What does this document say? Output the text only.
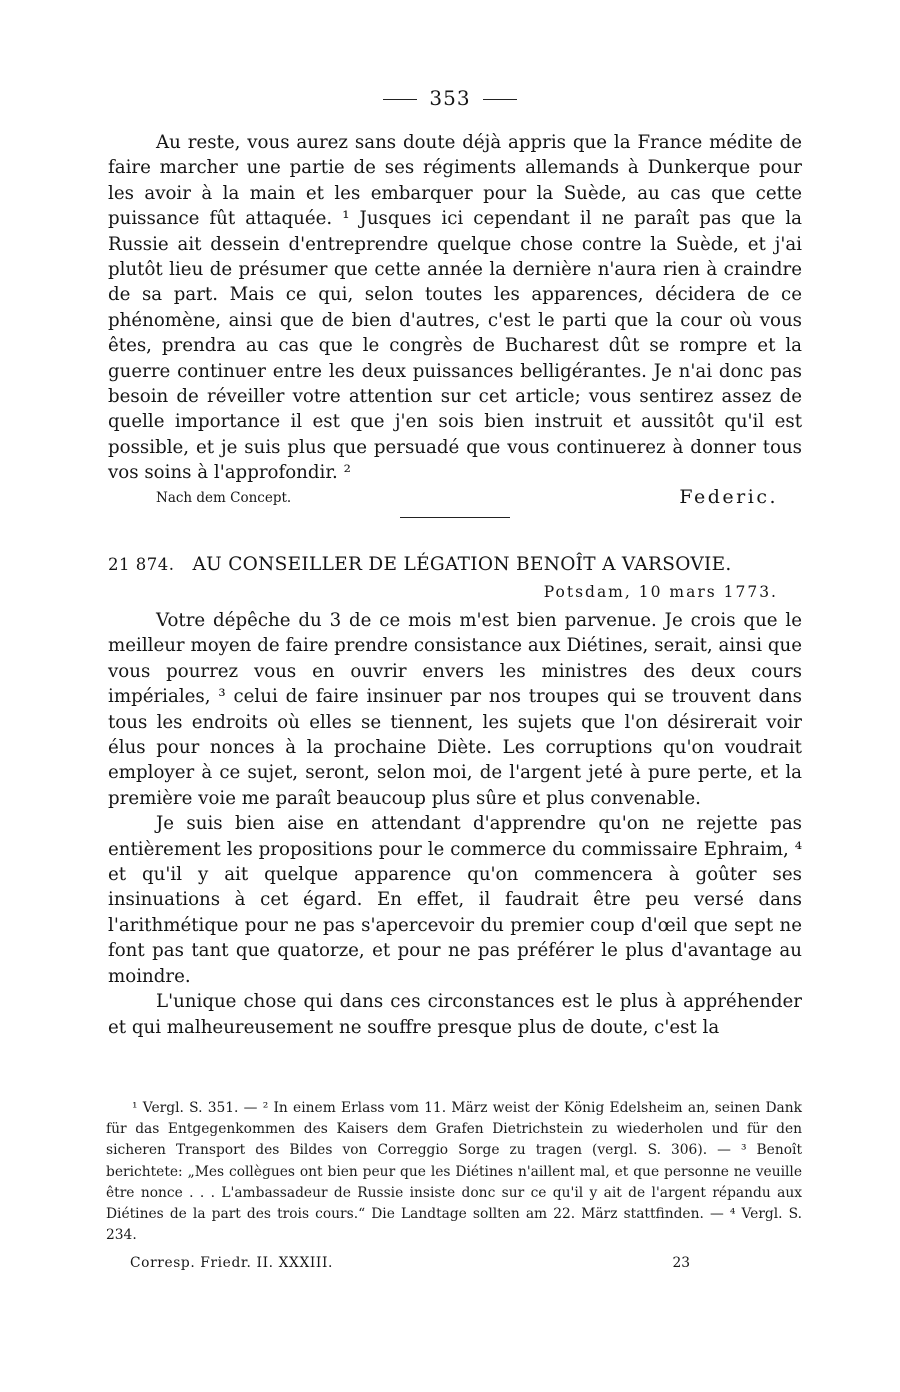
353

Au reste, vous aurez sans doute déjà appris que la France médite de faire marcher une partie de ses régiments allemands à Dunkerque pour les avoir à la main et les embarquer pour la Suède, au cas que cette puissance fût attaquée. ¹ Jusques ici cependant il ne paraît pas que la Russie ait dessein d'entreprendre quelque chose contre la Suède, et j'ai plutôt lieu de présumer que cette année la dernière n'aura rien à craindre de sa part. Mais ce qui, selon toutes les apparences, décidera de ce phénomène, ainsi que de bien d'autres, c'est le parti que la cour où vous êtes, prendra au cas que le congrès de Bucharest dût se rompre et la guerre continuer entre les deux puissances belligérantes. Je n'ai donc pas besoin de réveiller votre attention sur cet article; vous sentirez assez de quelle importance il est que j'en sois bien instruit et aussitôt qu'il est possible, et je suis plus que persuadé que vous continuerez à donner tous vos soins à l'approfondir. ²

Nach dem Concept.	Federic.
21 874. AU CONSEILLER DE LÉGATION BENOÎT A VARSOVIE.
Potsdam, 10 mars 1773.

Votre dépêche du 3 de ce mois m'est bien parvenue. Je crois que le meilleur moyen de faire prendre consistance aux Diétines, serait, ainsi que vous pourrez vous en ouvrir envers les ministres des deux cours impériales, ³ celui de faire insinuer par nos troupes qui se trouvent dans tous les endroits où elles se tiennent, les sujets que l'on désirerait voir élus pour nonces à la prochaine Diète. Les corruptions qu'on voudrait employer à ce sujet, seront, selon moi, de l'argent jeté à pure perte, et la première voie me paraît beaucoup plus sûre et plus convenable.

Je suis bien aise en attendant d'apprendre qu'on ne rejette pas entièrement les propositions pour le commerce du commissaire Ephraim, ⁴ et qu'il y ait quelque apparence qu'on commencera à goûter ses insinuations à cet égard. En effet, il faudrait être peu versé dans l'arithmétique pour ne pas s'apercevoir du premier coup d'œil que sept ne font pas tant que quatorze, et pour ne pas préférer le plus d'avantage au moindre.

L'unique chose qui dans ces circonstances est le plus à appréhender et qui malheureusement ne souffre presque plus de doute, c'est la

¹ Vergl. S. 351. — ² In einem Erlass vom 11. März weist der König Edelsheim an, seinen Dank für das Entgegenkommen des Kaisers dem Grafen Dietrichstein zu wiederholen und für den sicheren Transport des Bildes von Correggio Sorge zu tragen (vergl. S. 306). — ³ Benoît berichtete: „Mes collègues ont bien peur que les Diétines n'aillent mal, et que personne ne veuille être nonce . . . L'ambassadeur de Russie insiste donc sur ce qu'il y ait de l'argent répandu aux Diétines de la part des trois cours.“ Die Landtage sollten am 22. März stattfinden. — ⁴ Vergl. S. 234.

Corresp. Friedr. II. XXXIII.	23
